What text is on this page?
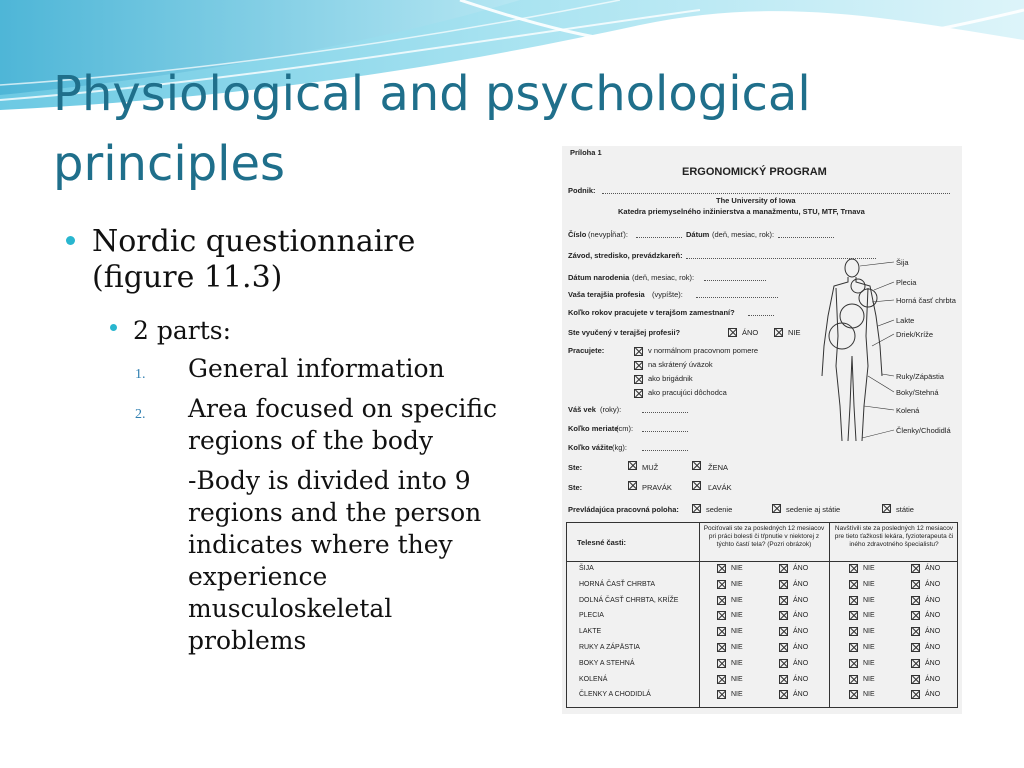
Physiological and psychological principles
Nordic questionnaire (figure 11.3)
2 parts:
1. General information
2. Area focused on specific regions of the body
-Body is divided into 9 regions and the person indicates where they experience musculoskeletal problems
Príloha 1
ERGONOMICKÝ PROGRAM
Podnik:
The University of Iowa
Katedra priemyselného inžinierstva a manažmentu, STU, MTF, Trnava
Číslo (nevypĺňať):	Dátum (deň, mesiac, rok):
Závod, stredisko, prevádzkareň:
Dátum narodenia (deň, mesiac, rok):
Vaša terajšia profesia (vypíšte):
Koľko rokov pracujete v terajšom zamestnaní?
Ste vyučený v terajšej profesii?	ÁNO	NIE
Pracujete:	v normálnom pracovnom pomere
na skrátený úväzok
ako brigádnik
ako pracujúci dôchodca
Váš vek (roky):
Koľko meriate
(cm):
Koľko vážite (kg):
Ste:	MUŽ	ŽENA
Ste:	PRAVÁK	ĽAVÁK
Prevládajúca pracovná poloha:	sedenie	sedenie aj státie	státie
Šija
Plecia
Horná časť chrbta
Lakte
Driek/Krížе
Ruky/Zápästia
Boky/Stehná
Kolená
Členky/Chodidlá
Telesné časti:
Pociťovali ste za posledných 12 mesiacov pri práci bolesti či tŕpnutie v niektorej z týchto častí tela? (Pozri obrázok)
Navštívili ste za posledných 12 mesiacov pre tieto ťažkosti lekára, fyzioterapeuta či iného zdravotného špecialistu?
ŠIJA	NIE	ÁNO	NIE	ÁNO
HORNÁ ČASŤ CHRBTA	NIE	ÁNO	NIE	ÁNO
DOLNÁ ČASŤ CHRBTA, KRÍŽE	NIE	ÁNO	NIE	ÁNO
PLECIA	NIE	ÁNO	NIE	ÁNO
LAKTE	NIE	ÁNO	NIE	ÁNO
RUKY A ZÁPÄSTIA	NIE	ÁNO	NIE	ÁNO
BOKY A STEHNÁ	NIE	ÁNO	NIE	ÁNO
KOLENÁ	NIE	ÁNO	NIE	ÁNO
ČLENKY A CHODIDLÁ	NIE	ÁNO	NIE	ÁNO
